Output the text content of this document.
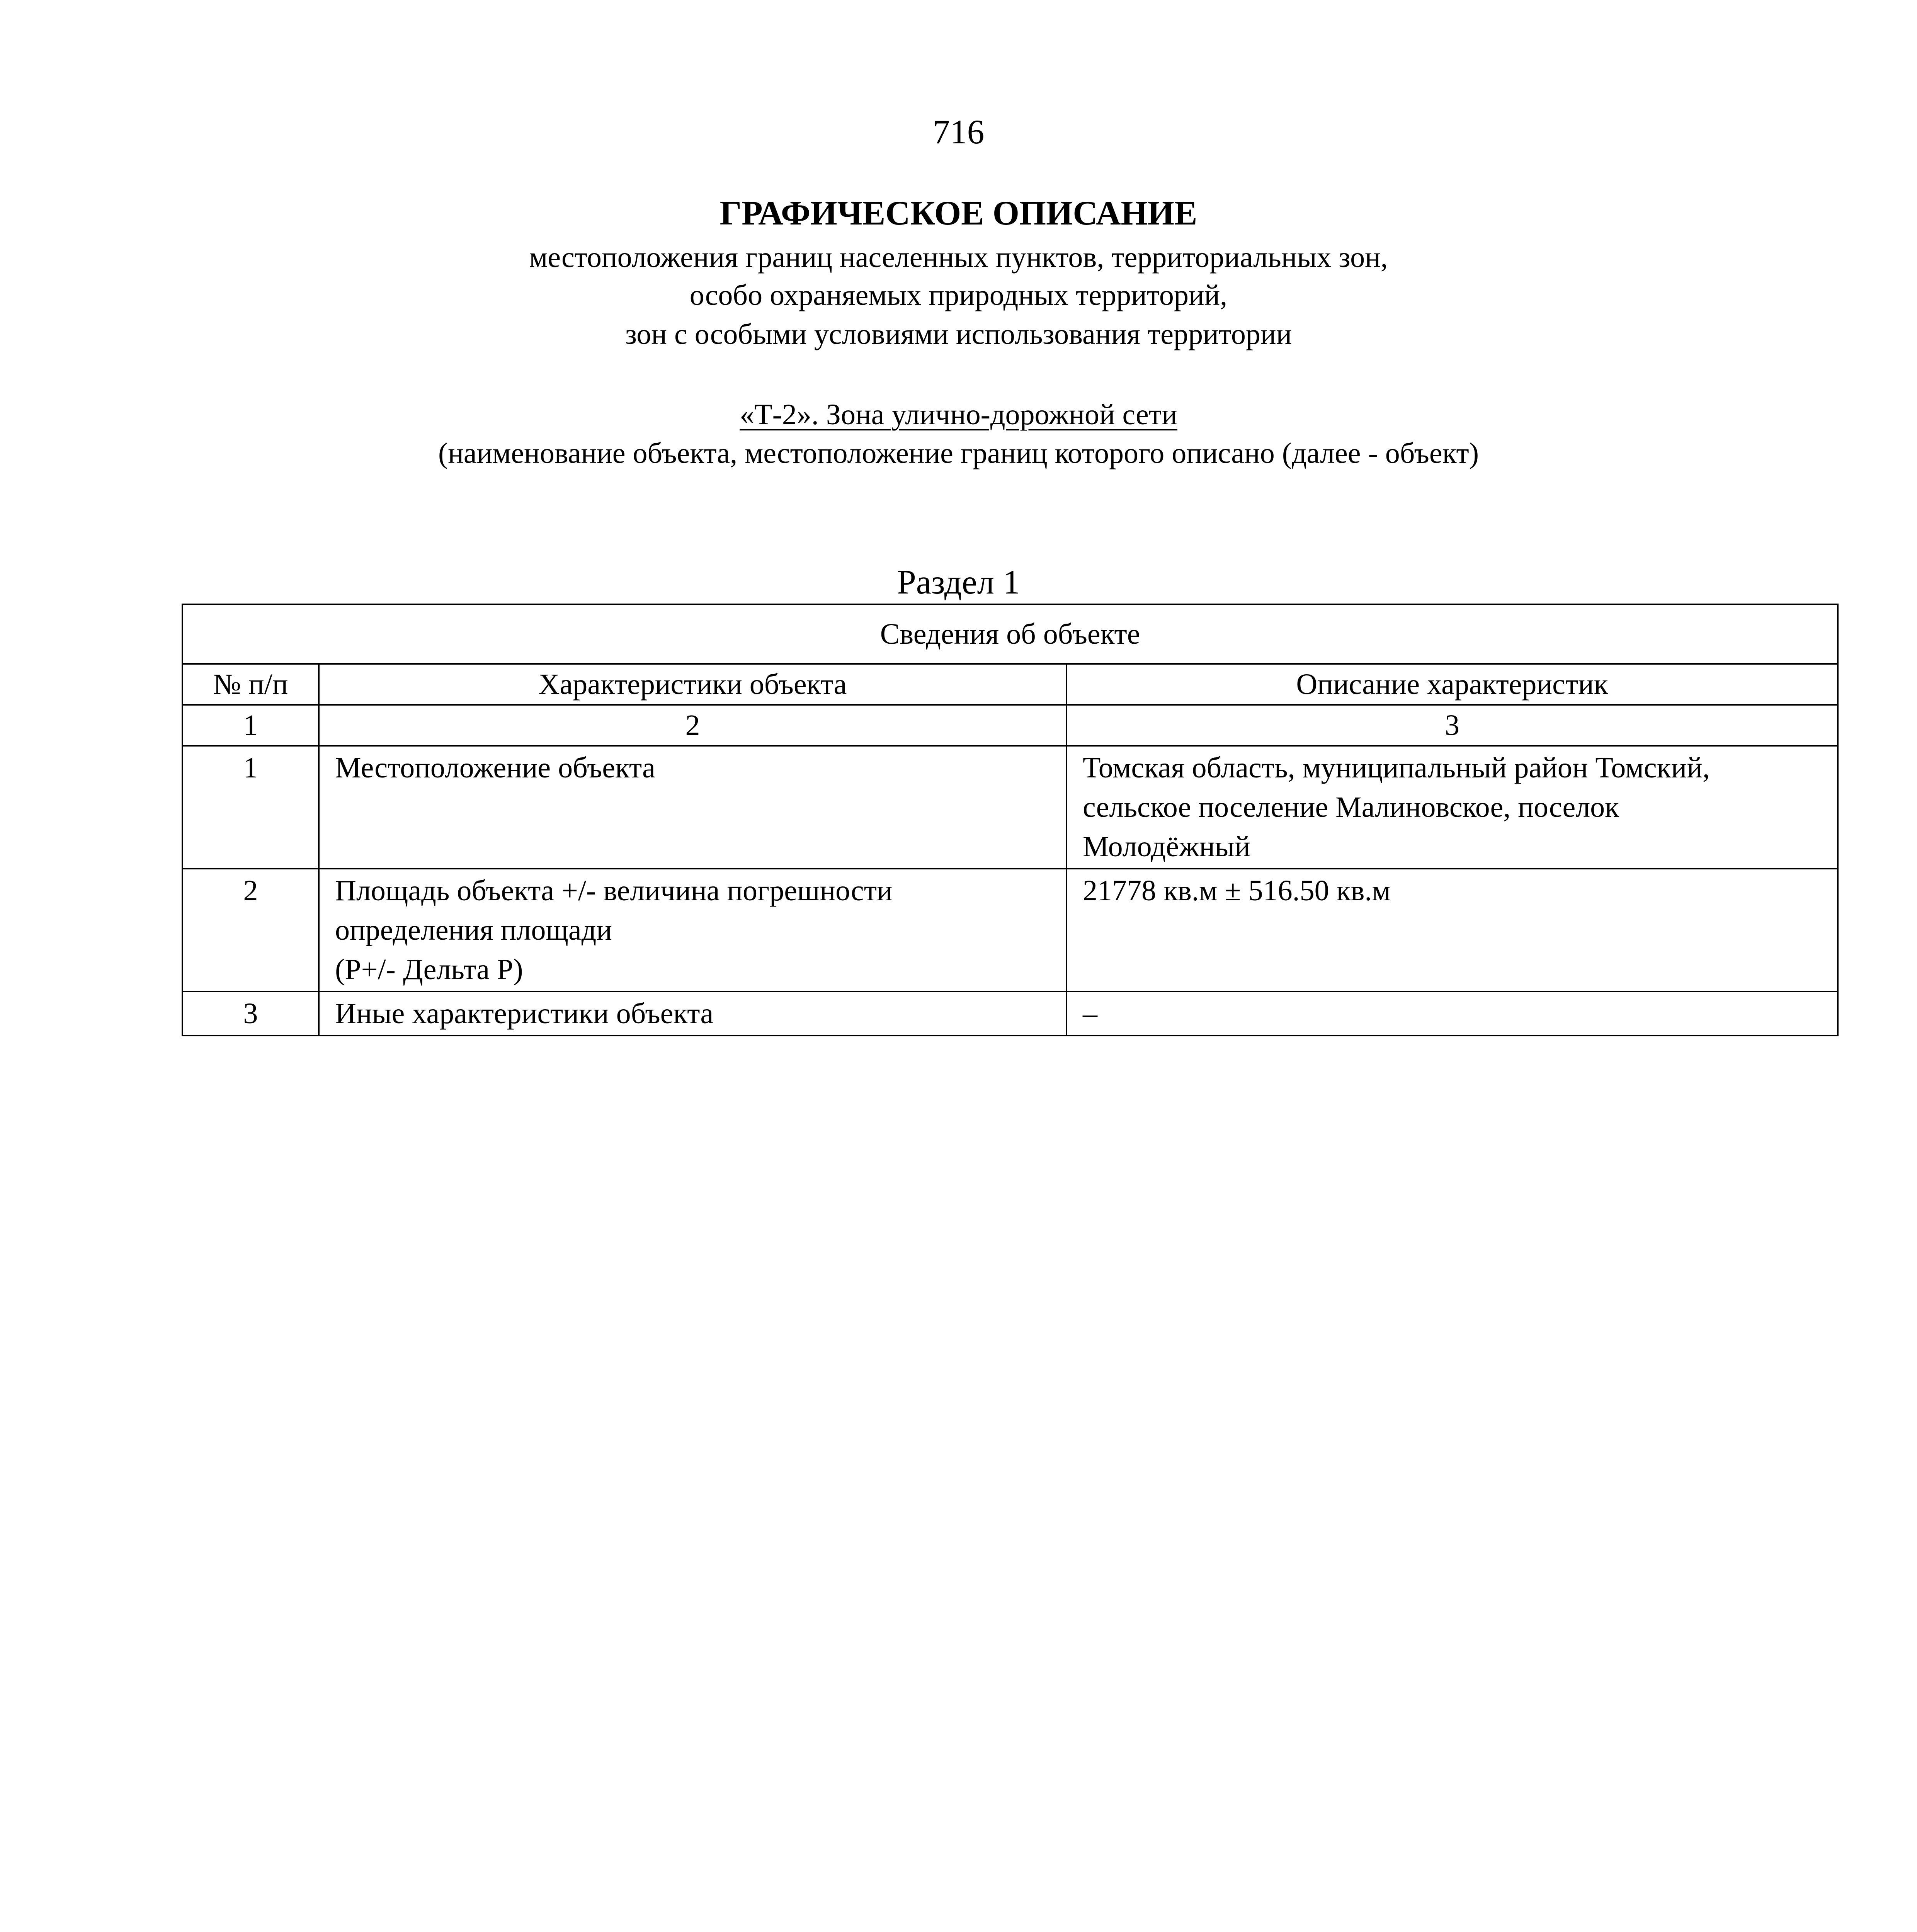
716
ГРАФИЧЕСКОЕ ОПИСАНИЕ
местоположения границ населенных пунктов, территориальных зон,
особо охраняемых природных территорий,
зон с особыми условиями использования территории
«Т-2». Зона улично-дорожной сети
(наименование объекта, местоположение границ которого описано (далее - объект)
Раздел 1
Сведения об объекте		
№ п/п	Характеристики объекта	Описание характеристик
1	2	3
1	Местоположение объекта	Томская область, муниципальный район Томский,
сельское поселение Малиновское, поселок
Молодёжный
2	Площадь объекта +/- величина погрешности
определения площади
(P+/- Дельта P)	21778 кв.м ± 516.50 кв.м
3	Иные характеристики объекта	–
